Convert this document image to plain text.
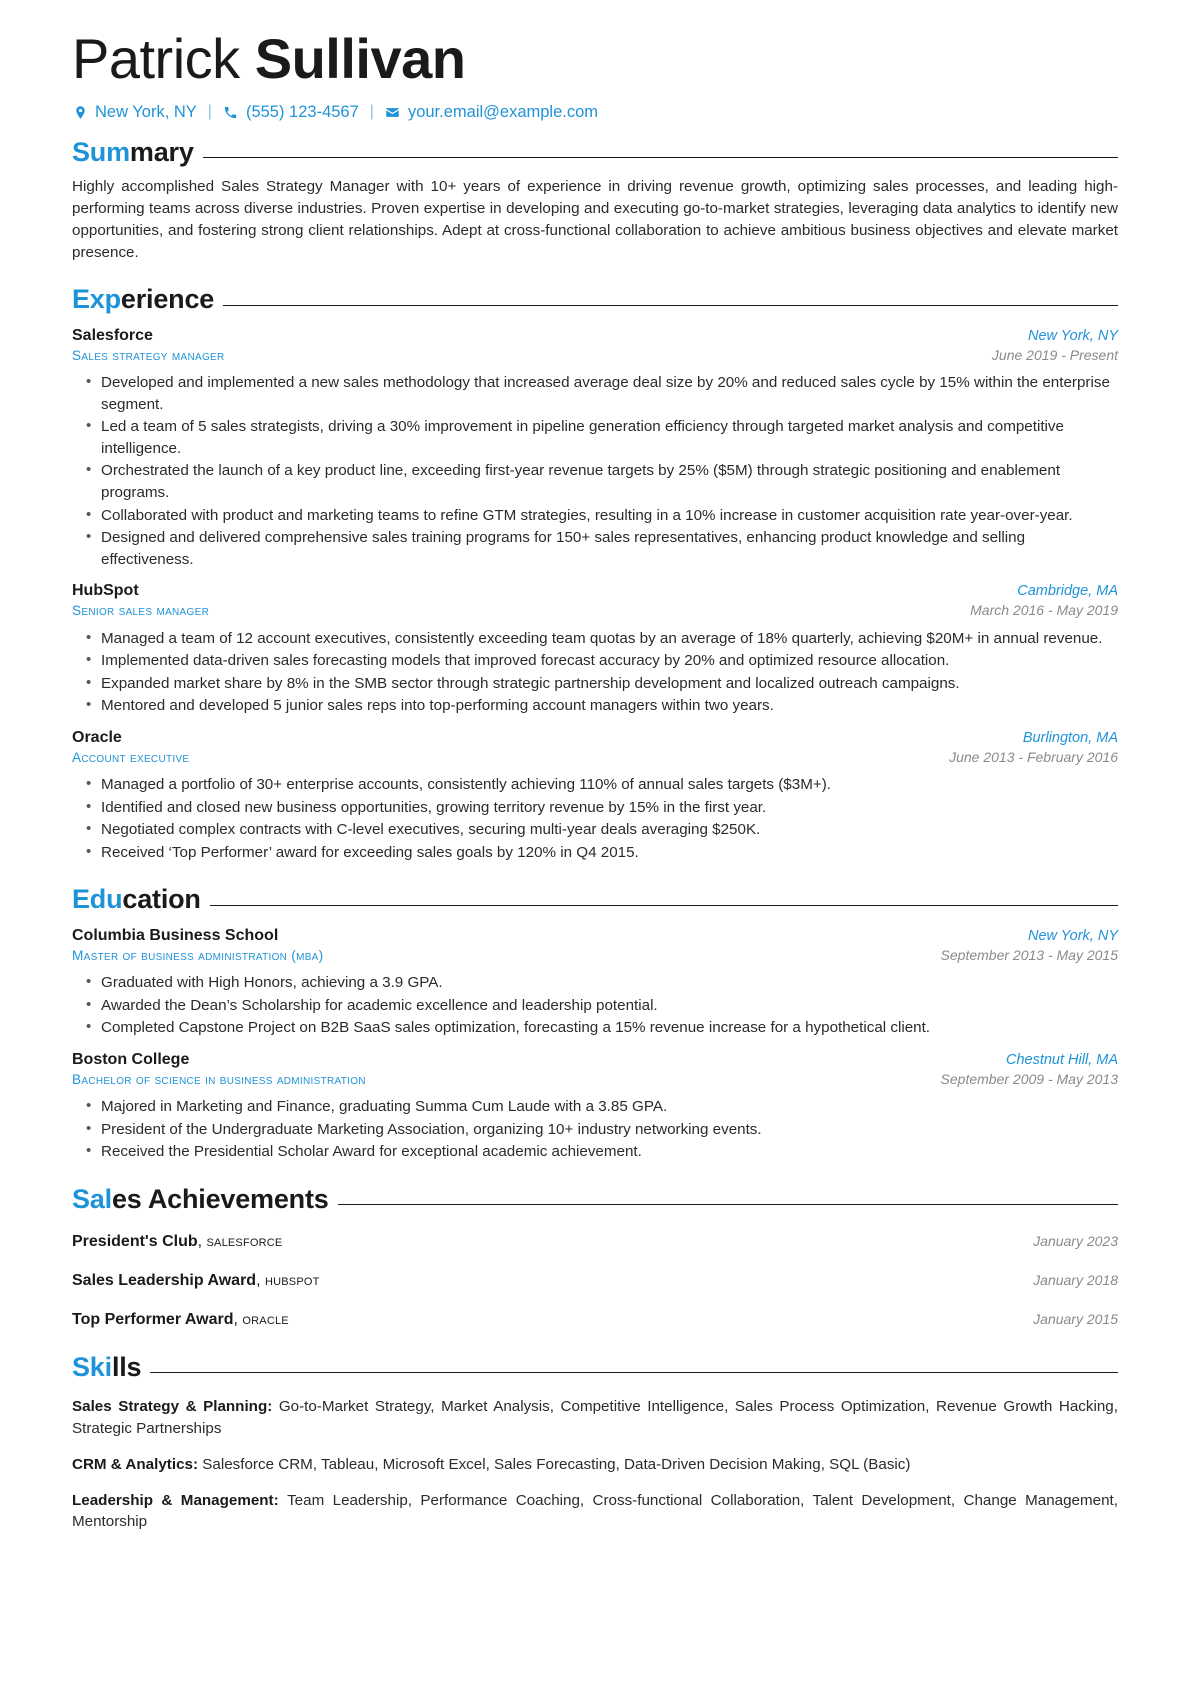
Patrick Sullivan
New York, NY | (555) 123-4567 | your.email@example.com
Summary

Highly accomplished Sales Strategy Manager with 10+ years of experience in driving revenue growth, optimizing sales processes, and leading high-performing teams across diverse industries. Proven expertise in developing and executing go-to-market strategies, leveraging data analytics to identify new opportunities, and fostering strong client relationships. Adept at cross-functional collaboration to achieve ambitious business objectives and elevate market presence.

Experience
Salesforce	New York, NY
Sales strategy manager	June 2019 - Present
• Developed and implemented a new sales methodology that increased average deal size by 20% and reduced sales cycle by 15% within the enterprise segment.
• Led a team of 5 sales strategists, driving a 30% improvement in pipeline generation efficiency through targeted market analysis and competitive intelligence.
• Orchestrated the launch of a key product line, exceeding first-year revenue targets by 25% ($5M) through strategic positioning and enablement programs.
• Collaborated with product and marketing teams to refine GTM strategies, resulting in a 10% increase in customer acquisition rate year-over-year.
• Designed and delivered comprehensive sales training programs for 150+ sales representatives, enhancing product knowledge and selling effectiveness.
HubSpot	Cambridge, MA
Senior sales manager	March 2016 - May 2019
• Managed a team of 12 account executives, consistently exceeding team quotas by an average of 18% quarterly, achieving $20M+ in annual revenue.
• Implemented data-driven sales forecasting models that improved forecast accuracy by 20% and optimized resource allocation.
• Expanded market share by 8% in the SMB sector through strategic partnership development and localized outreach campaigns.
• Mentored and developed 5 junior sales reps into top-performing account managers within two years.
Oracle	Burlington, MA
Account executive	June 2013 - February 2016
• Managed a portfolio of 30+ enterprise accounts, consistently achieving 110% of annual sales targets ($3M+).
• Identified and closed new business opportunities, growing territory revenue by 15% in the first year.
• Negotiated complex contracts with C-level executives, securing multi-year deals averaging $250K.
• Received ‘Top Performer’ award for exceeding sales goals by 120% in Q4 2015.
Education
Columbia Business School	New York, NY
Master of business administration (mba)	September 2013 - May 2015
• Graduated with High Honors, achieving a 3.9 GPA.
• Awarded the Dean’s Scholarship for academic excellence and leadership potential.
• Completed Capstone Project on B2B SaaS sales optimization, forecasting a 15% revenue increase for a hypothetical client.
Boston College	Chestnut Hill, MA
Bachelor of science in business administration	September 2009 - May 2013
• Majored in Marketing and Finance, graduating Summa Cum Laude with a 3.85 GPA.
• President of the Undergraduate Marketing Association, organizing 10+ industry networking events.
• Received the Presidential Scholar Award for exceptional academic achievement.
Sales Achievements
President's Club, salesforce	January 2023
Sales Leadership Award, hubspot	January 2018
Top Performer Award, oracle	January 2015
Skills
Sales Strategy & Planning: Go-to-Market Strategy, Market Analysis, Competitive Intelligence, Sales Process Optimization, Revenue Growth Hacking, Strategic Partnerships
CRM & Analytics: Salesforce CRM, Tableau, Microsoft Excel, Sales Forecasting, Data-Driven Decision Making, SQL (Basic)
Leadership & Management: Team Leadership, Performance Coaching, Cross-functional Collaboration, Talent Development, Change Management, Mentorship
